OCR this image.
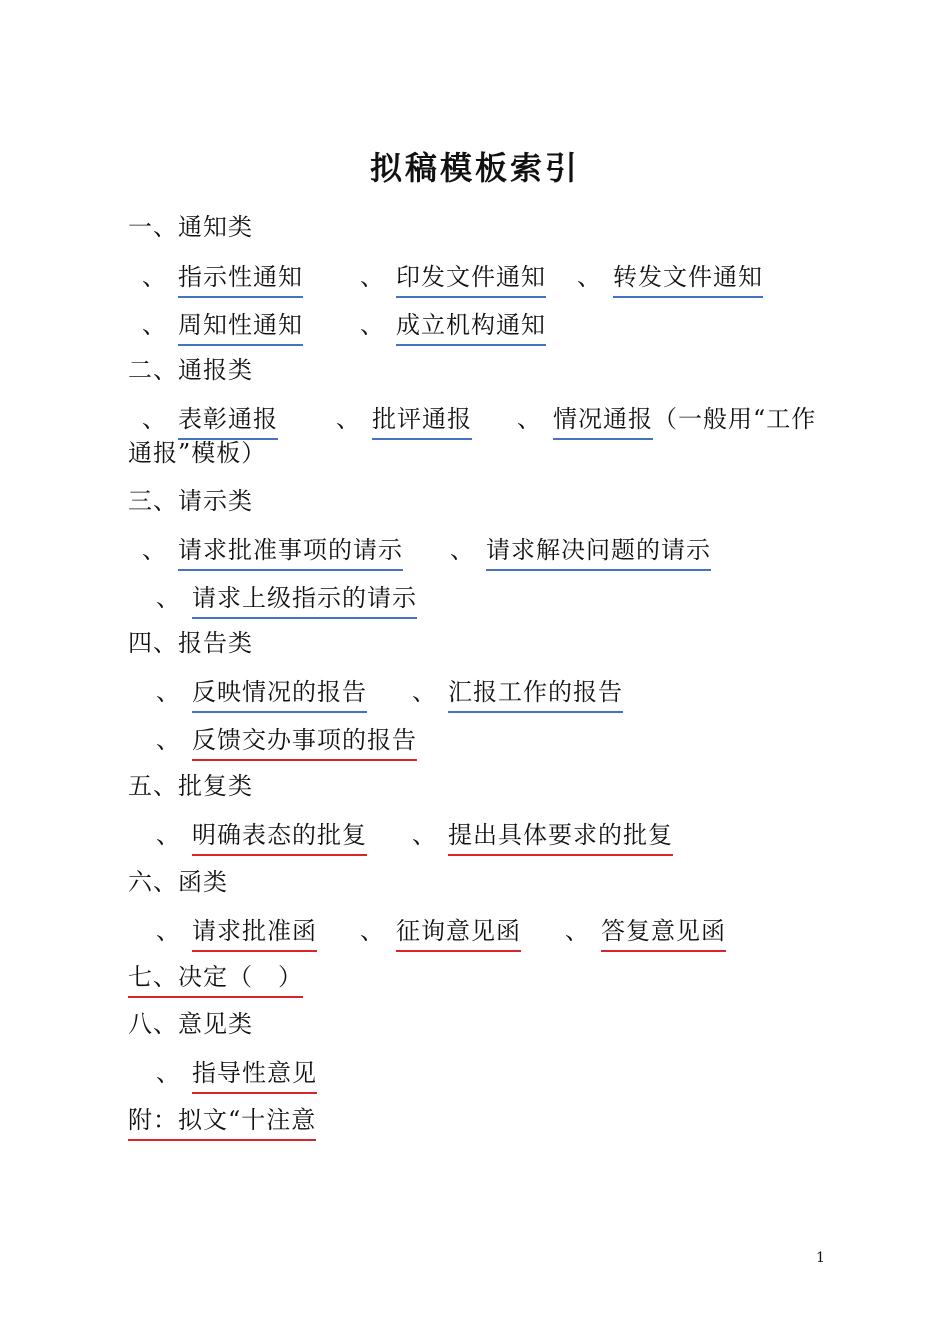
拟稿模板索引
一、通知类
、 指示性通知 、 印发文件通知 、 转发文件通知
、 周知性通知 、 成立机构通知
二、通报类
、 表彰通报 、 批评通报 、 情况通报（一般用“工作
通报”模板）
三、请示类
、 请求批准事项的请示 、 请求解决问题的请示
、 请求上级指示的请示
四、报告类
、 反映情况的报告 、 汇报工作的报告
、 反馈交办事项的报告
五、批复类
、 明确表态的批复 、 提出具体要求的批复
六、函类
、 请求批准函 、 征询意见函 、 答复意见函
七、决定（　）
八、意见类
、 指导性意见
附：拟文“十注意
1
